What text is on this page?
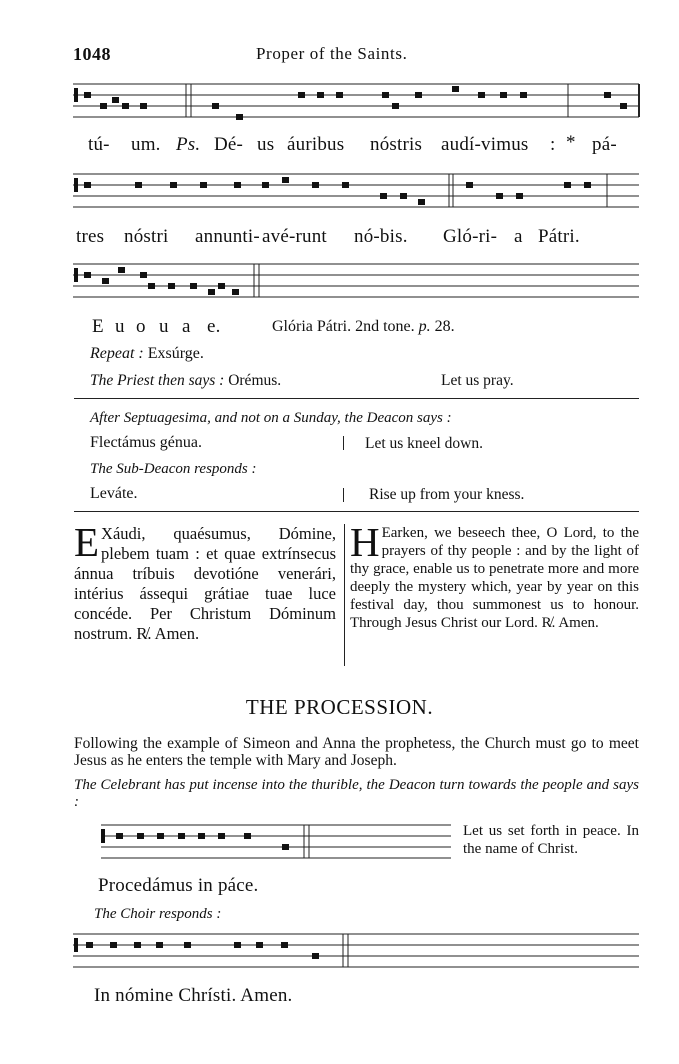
1048	Proper of the Saints.
tú- um. Ps. Dé- us áuribus nóstris audí-vimus : * pá-
tres nóstri annunti- avé-runt nó-bis. Gló-ri- a Pátri.
E u o u a e.	Glória Pátri. 2nd tone. p. 28.
Repeat : Exsúrge.
The Priest then says : Orémus.	Let us pray.
After Septuagesima, and not on a Sunday, the Deacon says :
Flectámus génua.	Let us kneel down.
The Sub-Deacon responds :
Leváte.	Rise up from your kness.
E Xáudi, quaésumus, Dómine, plebem tuam : et quae extrínsecus ánnua tríbuis devotióne venerári, intérius ássequi grátiae tuae luce concéde. Per Christum Dóminum nostrum. R̸. Amen.
H Earken, we beseech thee, O Lord, to the prayers of thy people : and by the light of thy grace, enable us to penetrate more and more deeply the mystery which, year by year on this festival day, thou summonest us to honour. Through Jesus Christ our Lord. R̸. Amen.
THE PROCESSION.
Following the example of Simeon and Anna the prophetess, the Church must go to meet Jesus as he enters the temple with Mary and Joseph.
The Celebrant has put incense into the thurible, the Deacon turn towards the people and says :
Procedámus in páce.
Let us set forth in peace. In the name of Christ.
The Choir responds :
In nómine Chrísti. Amen.
